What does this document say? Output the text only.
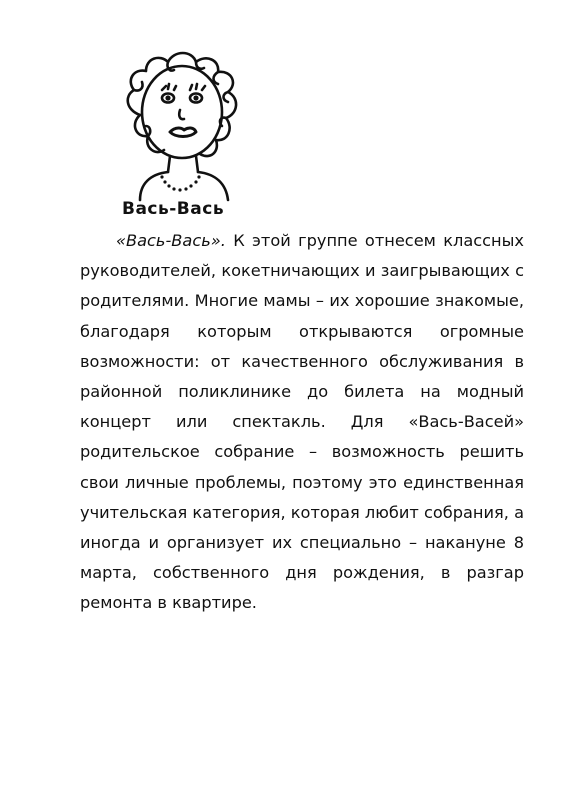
Вась-Вась

«Вась-Вась». К этой группе отнесем классных руководителей, кокетничающих и заигрывающих с родителями. Многие мамы – их хорошие знакомые, благодаря которым открываются огромные возможности: от качественного обслуживания в районной поликлинике до билета на модный концерт или спектакль. Для «Вась-Васей» родительское собрание – возможность решить свои личные проблемы, поэтому это единственная учительская категория, которая любит собрания, а иногда и организует их специально – накануне 8 марта, собственного дня рождения, в разгар ремонта в квартире.
